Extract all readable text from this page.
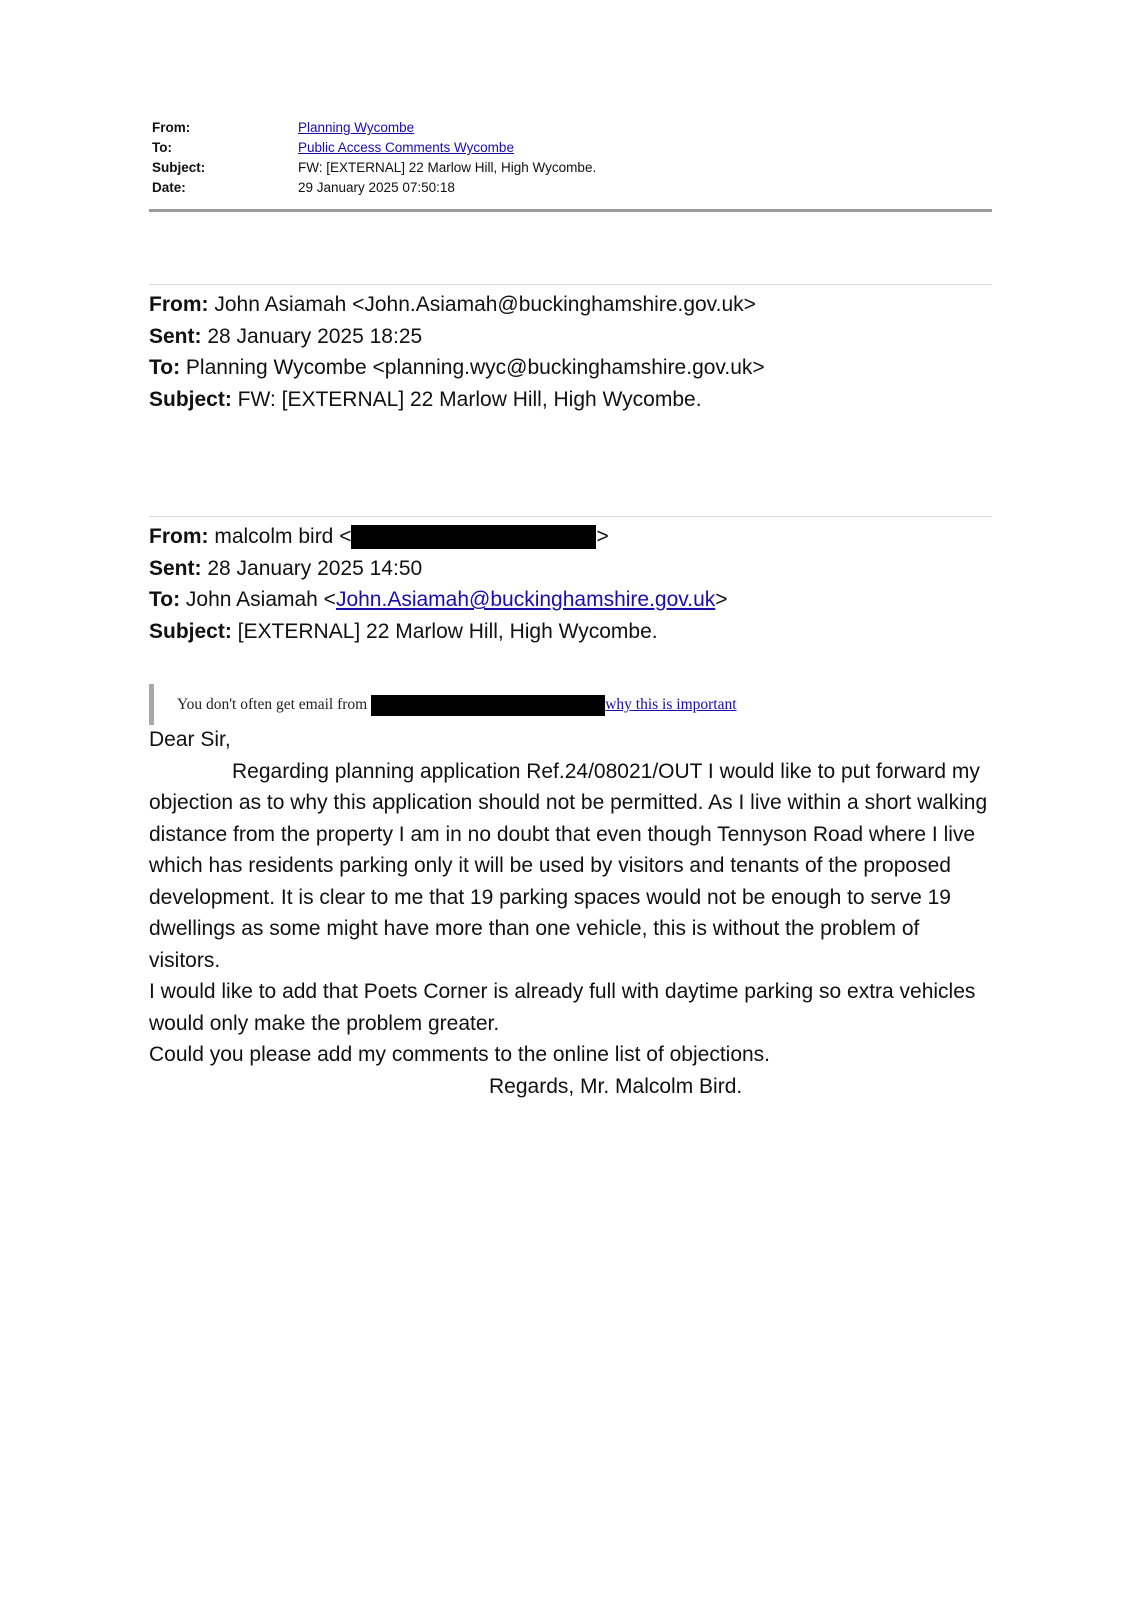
From:	Planning Wycombe
To:	Public Access Comments Wycombe
Subject:	FW: [EXTERNAL] 22 Marlow Hill, High Wycombe.
Date:	29 January 2025 07:50:18
From: John Asiamah <John.Asiamah@buckinghamshire.gov.uk>
Sent: 28 January 2025 18:25
To: Planning Wycombe <planning.wyc@buckinghamshire.gov.uk>
Subject: FW: [EXTERNAL] 22 Marlow Hill, High Wycombe.
From: malcolm bird <	>
Sent: 28 January 2025 14:50
To: John Asiamah <John.Asiamah@buckinghamshire.gov.uk>
Subject: [EXTERNAL] 22 Marlow Hill, High Wycombe.
You don't often get email from	why this is important

Dear Sir,

Regarding planning application Ref.24/08021/OUT I would like to put forward my objection as to why this application should not be permitted. As I live within a short walking distance from the property I am in no doubt that even though Tennyson Road where I live which has residents parking only it will be used by visitors and tenants of the proposed development. It is clear to me that 19 parking spaces would not be enough to serve 19 dwellings as some might have more than one vehicle, this is without the problem of visitors.

I would like to add that Poets Corner is already full with daytime parking so extra vehicles would only make the problem greater.

Could you please add my comments to the online list of objections.

Regards, Mr. Malcolm Bird.
